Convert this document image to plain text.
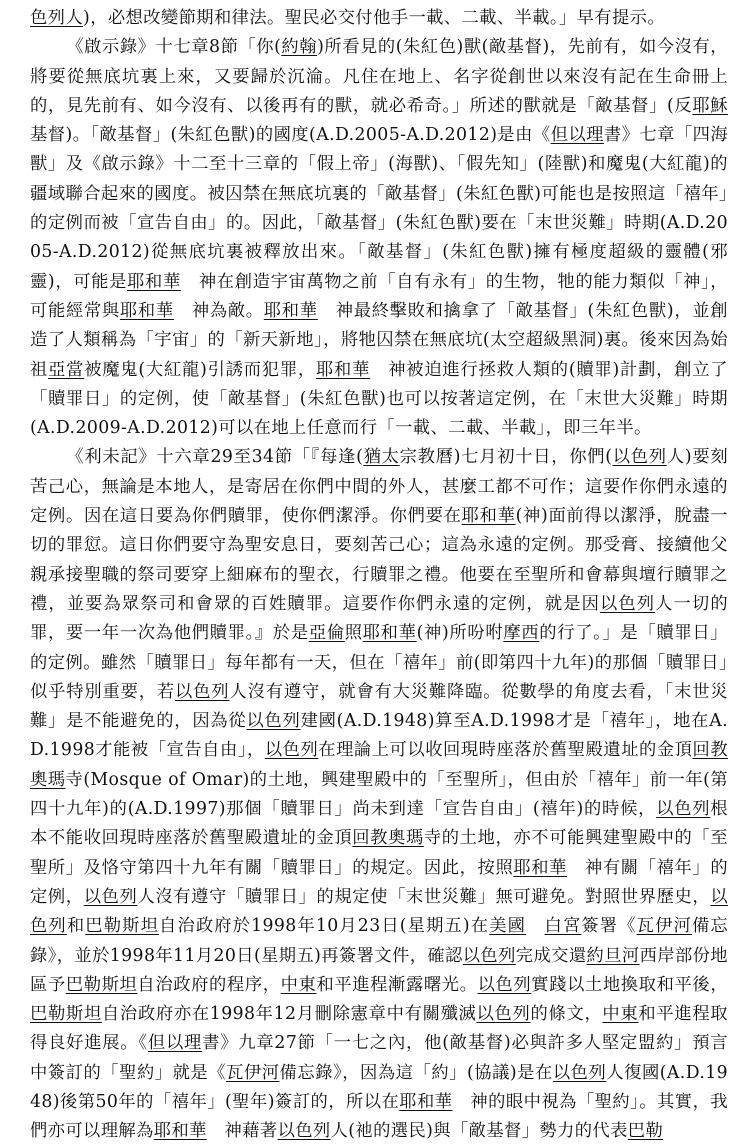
色列人)，必想改變節期和律法。聖民必交付他手一載、二載、半載。」早有提示。

《啟示錄》十七章8節「你(約翰)所看見的(朱紅色)獸(敵基督)，先前有，如今沒有，將要從無底坑裏上來，又要歸於沉淪。凡住在地上、名字從創世以來沒有記在生命冊上的，見先前有、如今沒有、以後再有的獸，就必希奇。」所述的獸就是「敵基督」(反耶穌基督)。「敵基督」(朱紅色獸)的國度(A.D.2005-A.D.2012)是由《但以理書》七章「四海獸」及《啟示錄》十二至十三章的「假上帝」(海獸)、「假先知」(陸獸)和魔鬼(大紅龍)的疆域聯合起來的國度。被囚禁在無底坑裏的「敵基督」(朱紅色獸)可能也是按照這「禧年」的定例而被「宣告自由」的。因此，「敵基督」(朱紅色獸)要在「末世災難」時期(A.D.2005-A.D.2012)從無底坑裏被釋放出來。「敵基督」(朱紅色獸)擁有極度超級的靈體(邪靈)，可能是耶和華　神在創造宇宙萬物之前「自有永有」的生物，牠的能力類似「神」，可能經常與耶和華　神為敵。耶和華　神最終擊敗和擒拿了「敵基督」(朱紅色獸)，並創造了人類稱為「宇宙」的「新天新地」，將牠囚禁在無底坑(太空超級黑洞)裏。後來因為始祖亞當被魔鬼(大紅龍)引誘而犯罪，耶和華　神被迫進行拯救人類的(贖罪)計劃，創立了「贖罪日」的定例，使「敵基督」(朱紅色獸)也可以按著這定例，在「末世大災難」時期(A.D.2009-A.D.2012)可以在地上任意而行「一載、二載、半載」，即三年半。

《利未記》十六章29至34節「『每逢(猶太宗教曆)七月初十日，你們(以色列人)要刻苦己心，無論是本地人，是寄居在你們中間的外人，甚麼工都不可作；這要作你們永遠的定例。因在這日要為你們贖罪，使你們潔淨。你們要在耶和華(神)面前得以潔淨，脫盡一切的罪愆。這日你們要守為聖安息日，要刻苦己心；這為永遠的定例。那受膏、接續他父親承接聖職的祭司要穿上細麻布的聖衣，行贖罪之禮。他要在至聖所和會幕與壇行贖罪之禮，並要為眾祭司和會眾的百姓贖罪。這要作你們永遠的定例，就是因以色列人一切的罪，要一年一次為他們贖罪。』於是亞倫照耶和華(神)所吩咐摩西的行了。」是「贖罪日」的定例。雖然「贖罪日」每年都有一天，但在「禧年」前(即第四十九年)的那個「贖罪日」似乎特別重要，若以色列人沒有遵守，就會有大災難降臨。從數學的角度去看，「末世災難」是不能避免的，因為從以色列建國(A.D.1948)算至A.D.1998才是「禧年」，地在A.D.1998才能被「宣告自由」，以色列在理論上可以收回現時座落於舊聖殿遺址的金頂回教奧瑪寺(Mosque of Omar)的土地，興建聖殿中的「至聖所」，但由於「禧年」前一年(第四十九年)的(A.D.1997)那個「贖罪日」尚未到達「宣告自由」(禧年)的時候，以色列根本不能收回現時座落於舊聖殿遺址的金頂回教奧瑪寺的土地，亦不可能興建聖殿中的「至聖所」及恪守第四十九年有關「贖罪日」的規定。因此，按照耶和華　神有關「禧年」的定例，以色列人沒有遵守「贖罪日」的規定使「末世災難」無可避免。對照世界歷史，以色列和巴勒斯坦自治政府於1998年10月23日(星期五)在美國　 白宮簽署《瓦伊河備忘錄》，並於1998年11月20日(星期五)再簽署文件，確認以色列完成交還約旦河西岸部份地區予巴勒斯坦自治政府的程序，中東和平進程漸露曙光。以色列實踐以土地換取和平後，巴勒斯坦自治政府亦在1998年12月刪除憲章中有關殲滅以色列的條文，中東和平進程取得良好進展。《但以理書》九章27節「一七之內，他(敵基督)必與許多人堅定盟約」預言中簽訂的「聖約」就是《瓦伊河備忘錄》，因為這「約」(協議)是在以色列人復國(A.D.1948)後第50年的「禧年」(聖年)簽訂的，所以在耶和華　神的眼中視為「聖約」。其實，我們亦可以理解為耶和華　神藉著以色列人(祂的選民)與「敵基督」勢力的代表巴勒
